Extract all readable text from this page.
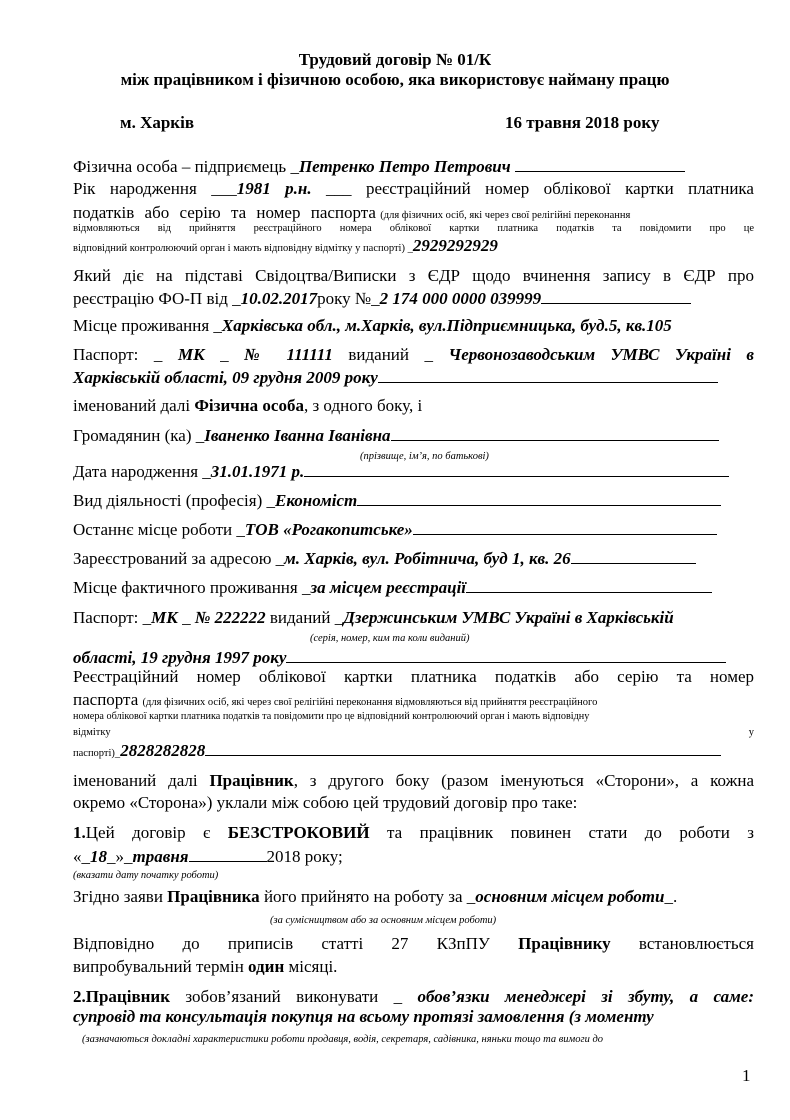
Трудовий договір № 01/К
між працівником і фізичною особою, яка використовує найману працю
м. Харків	16 травня 2018 року
Фізична особа – підприємець _Петренко Петро Петрович
Рік народження ___1981 р.н. ___ реєстраційний номер облікової картки платника
податків або серію та номер паспорта (для фізичних осіб, які через свої релігійні переконання
відмовляються від прийняття реєстраційного номера облікової картки платника податків та повідомити про це
відповідний контролюючий орган і мають відповідну відмітку у паспорті) _2929292929
Який діє на підставі Свідоцтва/Виписки з ЄДР щодо вчинення запису в ЄДР про
реєстрацію ФО-П від _10.02.2017року №_2 174 000 0000 039999
Місце проживання _Харківська обл., м.Харків, вул.Підприємницька, буд.5, кв.105
Паспорт: _ МК _ № 111111 виданий _ Червонозаводським УМВС Україні в
Харківській області, 09 грудня 2009 року
іменований далі Фізична особа, з одного боку, і
Громадянин (ка) _Іваненко Іванна Іванівна
(прізвище, ім’я, по батькові)
Дата народження _31.01.1971 р.
Вид діяльності (професія) _Економіст
Останнє місце роботи _ТОВ «Рогакопитське»
Зареєстрований за адресою _м. Харків, вул. Робітнича, буд 1, кв. 26
Місце фактичного проживання _за місцем реєстрації
Паспорт: _МК _ № 222222 виданий _Дзержинським УМВС Україні в Харківській
(серія, номер, ким та коли виданий)
області, 19 грудня 1997 року
Реєстраційний номер облікової картки платника податків або серію та номер
паспорта (для фізичних осіб, які через свої релігійні переконання відмовляються від прийняття реєстраційного
номера облікової картки платника податків та повідомити про це відповідний контролюючий орган і мають відповідну
відмітку	у
паспорті)_2828282828
іменований далі Працівник, з другого боку (разом іменуються «Сторони», а кожна
окремо «Сторона») уклали між собою цей трудовий договір про таке:
1.Цей договір є БЕЗСТРОКОВИЙ та працівник повинен стати до роботи з
«_18_»_травня	2018 року;
(вказати дату початку роботи)
Згідно заяви Працівника його прийнято на роботу за _основним місцем роботи_.
(за сумісництвом або за основним місцем роботи)
Відповідно до приписів статті 27 КЗпПУ Працівнику встановлюється
випробувальний термін один місяці.
2.Працівник зобов’язаний виконувати _ обов’язки менеджері зі збуту, а саме:
супровід та консультація покупця на всьому протязі замовлення (з моменту
(зазначаються докладні характеристики роботи продавця, водія, секретаря, садівника, няньки тощо та вимоги до
1
